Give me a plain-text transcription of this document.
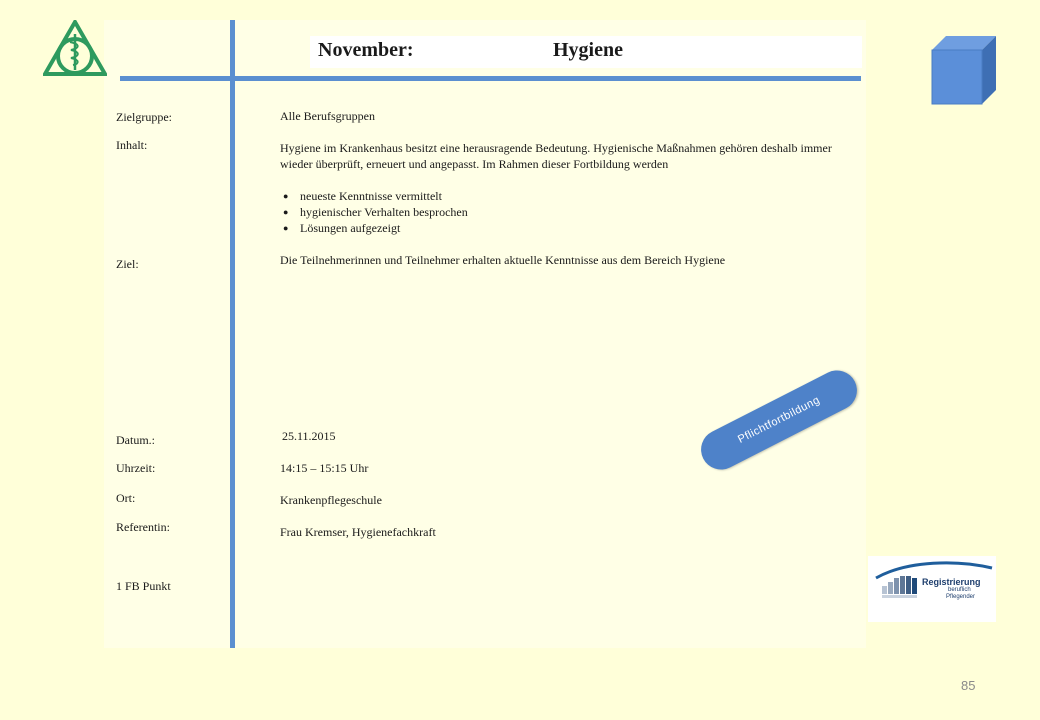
November:	Hygiene
Zielgruppe:
Inhalt:
Ziel:
Datum.:
Uhrzeit:
Ort:
Referentin:
1 FB Punkt

Alle Berufsgruppen

Hygiene im Krankenhaus besitzt eine herausragende Bedeutung. Hygienische Maßnahmen gehören deshalb immer wieder überprüft, erneuert und angepasst. Im Rahmen dieser Fortbildung werden

● neueste Kenntnisse vermittelt
● hygienischer Verhalten besprochen
● Lösungen aufgezeigt

Die Teilnehmerinnen und Teilnehmer erhalten aktuelle Kenntnisse aus dem Bereich Hygiene

25.11.2015
14:15 – 15:15 Uhr
Krankenpflegeschule
Frau Kremser, Hygienefachkraft
Pflichtfortbildung
Registrierung
beruflich
Pflegender
85
